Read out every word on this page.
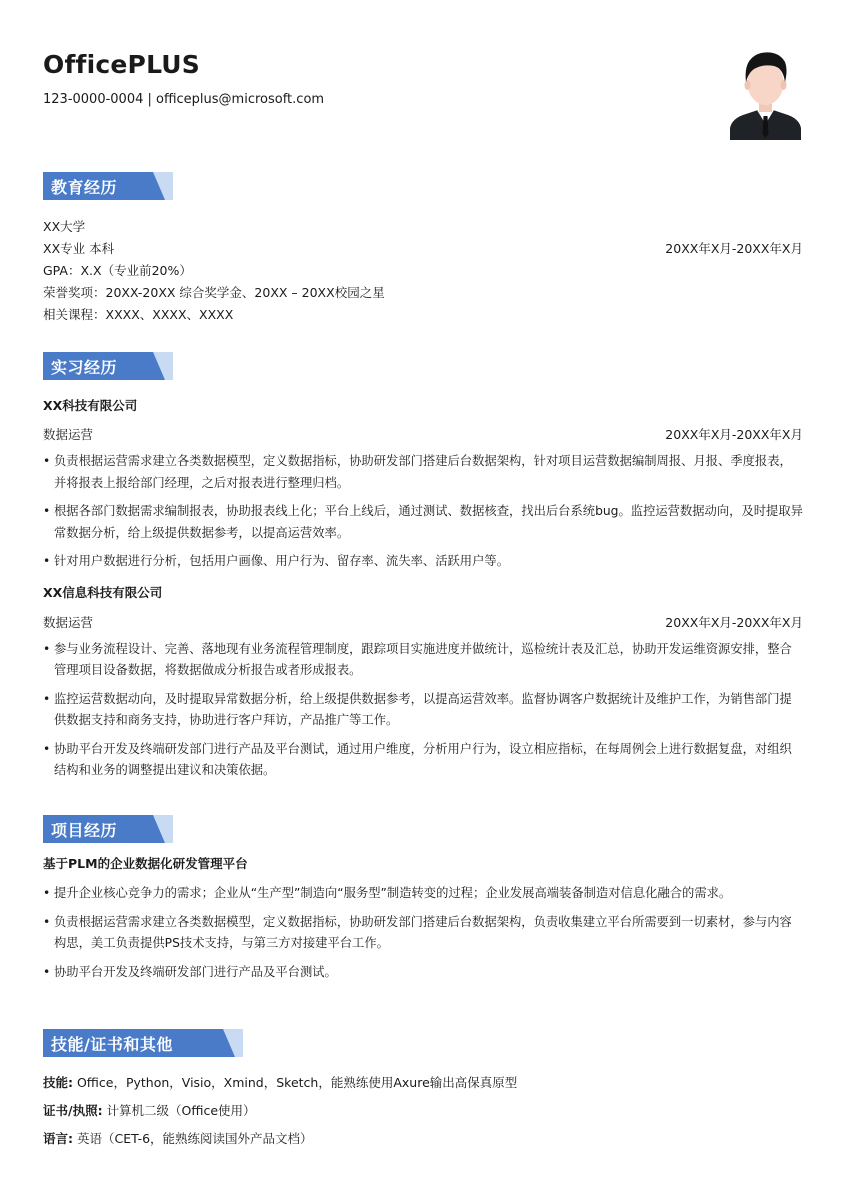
OfficePLUS
123-0000-0004 | officeplus@microsoft.com
教育经历
XX大学
XX专业 本科	20XX年X月-20XX年X月
GPA：X.X（专业前20%）
荣誉奖项：20XX-20XX 综合奖学金、20XX – 20XX校园之星
相关课程：XXXX、XXXX、XXXX
实习经历
XX科技有限公司
数据运营	20XX年X月-20XX年X月
• 负责根据运营需求建立各类数据模型，定义数据指标，协助研发部门搭建后台数据架构，针对项目运营数据编制周报、月报、季度报表，并将报表上报给部门经理，之后对报表进行整理归档。
• 根据各部门数据需求编制报表，协助报表线上化；平台上线后，通过测试、数据核查，找出后台系统bug。监控运营数据动向，及时提取异常数据分析，给上级提供数据参考，以提高运营效率。
• 针对用户数据进行分析，包括用户画像、用户行为、留存率、流失率、活跃用户等。
XX信息科技有限公司
数据运营	20XX年X月-20XX年X月
• 参与业务流程设计、完善、落地现有业务流程管理制度，跟踪项目实施进度并做统计，巡检统计表及汇总，协助开发运维资源安排，整合管理项目设备数据，将数据做成分析报告或者形成报表。
• 监控运营数据动向，及时提取异常数据分析，给上级提供数据参考，以提高运营效率。监督协调客户数据统计及维护工作，为销售部门提供数据支持和商务支持，协助进行客户拜访，产品推广等工作。
• 协助平台开发及终端研发部门进行产品及平台测试，通过用户维度，分析用户行为，设立相应指标，在每周例会上进行数据复盘，对组织结构和业务的调整提出建议和决策依据。
项目经历
基于PLM的企业数据化研发管理平台
• 提升企业核心竞争力的需求；企业从“生产型”制造向“服务型”制造转变的过程；企业发展高端装备制造对信息化融合的需求。
• 负责根据运营需求建立各类数据模型，定义数据指标，协助研发部门搭建后台数据架构，负责收集建立平台所需要到一切素材，参与内容构思，美工负责提供PS技术支持，与第三方对接建平台工作。
• 协助平台开发及终端研发部门进行产品及平台测试。
技能/证书和其他
技能: Office，Python，Visio，Xmind，Sketch，能熟练使用Axure输出高保真原型
证书/执照: 计算机二级（Office使用）
语言: 英语（CET-6，能熟练阅读国外产品文档）
